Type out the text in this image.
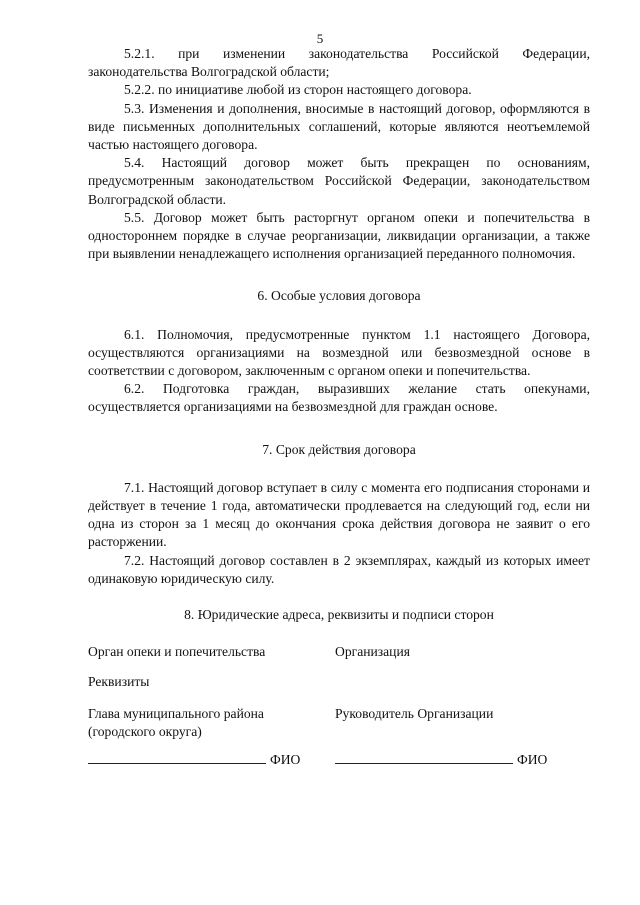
5

5.2.1. при изменении законодательства Российской Федерации, законодательства Волгоградской области;

5.2.2. по инициативе любой из сторон настоящего договора.

5.3. Изменения и дополнения, вносимые в настоящий договор, оформляются в виде письменных дополнительных соглашений, которые являются неотъемлемой частью настоящего договора.

5.4. Настоящий договор может быть прекращен по основаниям, предусмотренным законодательством Российской Федерации, законодательством Волгоградской области.

5.5. Договор может быть расторгнут органом опеки и попечительства в одностороннем порядке в случае реорганизации, ликвидации организации, а также при выявлении ненадлежащего исполнения организацией переданного полномочия.

6. Особые условия договора

6.1. Полномочия, предусмотренные пунктом 1.1 настоящего Договора, осуществляются организациями на возмездной или безвозмездной основе в соответствии с договором, заключенным с органом опеки и попечительства.

6.2. Подготовка граждан, выразивших желание стать опекунами, осуществляется организациями на безвозмездной для граждан основе.

7. Срок действия договора

7.1. Настоящий договор вступает в силу с момента его подписания сторонами и действует в течение 1 года, автоматически продлевается на следующий год, если ни одна из сторон за 1 месяц до окончания срока действия договора не заявит о его расторжении.

7.2. Настоящий договор составлен в 2 экземплярах, каждый из которых имеет одинаковую юридическую силу.

8. Юридические адреса, реквизиты и подписи сторон

Орган опеки и попечительства	Организация
Реквизиты
Глава муниципального района (городского округа)
Руководитель Организации
ФИО	ФИО
